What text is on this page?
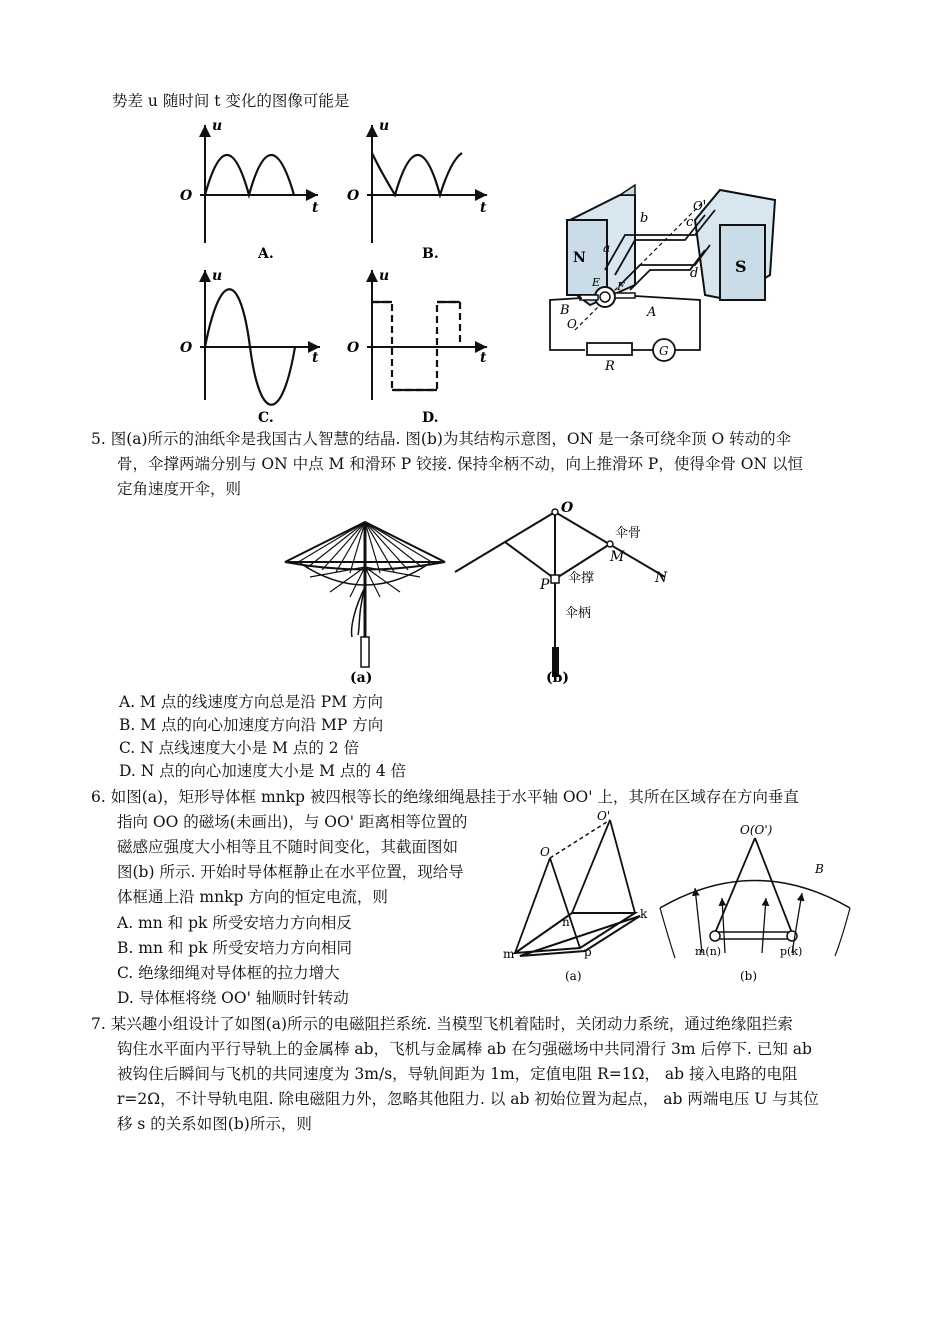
势差 u 随时间 t 变化的图像可能是
u
O
t
A.
u
O
t
B.
u
O
t
C.
u
O
t
D.
N	S
a
b	c
d
O'
O
B	A
E F
R
G
5. 图(a)所示的油纸伞是我国古人智慧的结晶. 图(b)为其结构示意图，ON 是一条可绕伞顶 O 转动的伞
骨，伞撑两端分别与 ON 中点 M 和滑环 P 铰接. 保持伞柄不动，向上推滑环 P，使得伞骨 ON 以恒
定角速度开伞，则
(a)
O
M
N
P
伞骨
伞撑
伞柄
(b)
A. M 点的线速度方向总是沿 PM 方向
B. M 点的向心加速度方向沿 MP 方向
C. N 点线速度大小是 M 点的 2 倍
D. N 点的向心加速度大小是 M 点的 4 倍
6. 如图(a)，矩形导体框 mnkp 被四根等长的绝缘细绳悬挂于水平轴 OO' 上，其所在区域存在方向垂直
指向 OO 的磁场(未画出)，与 OO' 距离相等位置的
磁感应强度大小相等且不随时间变化，其截面图如
图(b) 所示. 开始时导体框静止在水平位置，现给导
体框通上沿 mnkp 方向的恒定电流，则
A. mn 和 pk 所受安培力方向相反
B. mn 和 pk 所受安培力方向相同
C. 绝缘细绳对导体框的拉力增大
D. 导体框将绕 OO' 轴顺时针转动
O
O'
m
n
k
p
(a)
O(O')
B
m(n)	p(k)
(b)
7. 某兴趣小组设计了如图(a)所示的电磁阻拦系统. 当模型飞机着陆时，关闭动力系统，通过绝缘阻拦索
钩住水平面内平行导轨上的金属棒 ab，飞机与金属棒 ab 在匀强磁场中共同滑行 3m 后停下. 已知 ab
被钩住后瞬间与飞机的共同速度为 3m/s，导轨间距为 1m，定值电阻 R=1Ω， ab 接入电路的电阻
r=2Ω，不计导轨电阻. 除电磁阻力外，忽略其他阻力. 以 ab 初始位置为起点， ab 两端电压 U 与其位
移 s 的关系如图(b)所示，则
